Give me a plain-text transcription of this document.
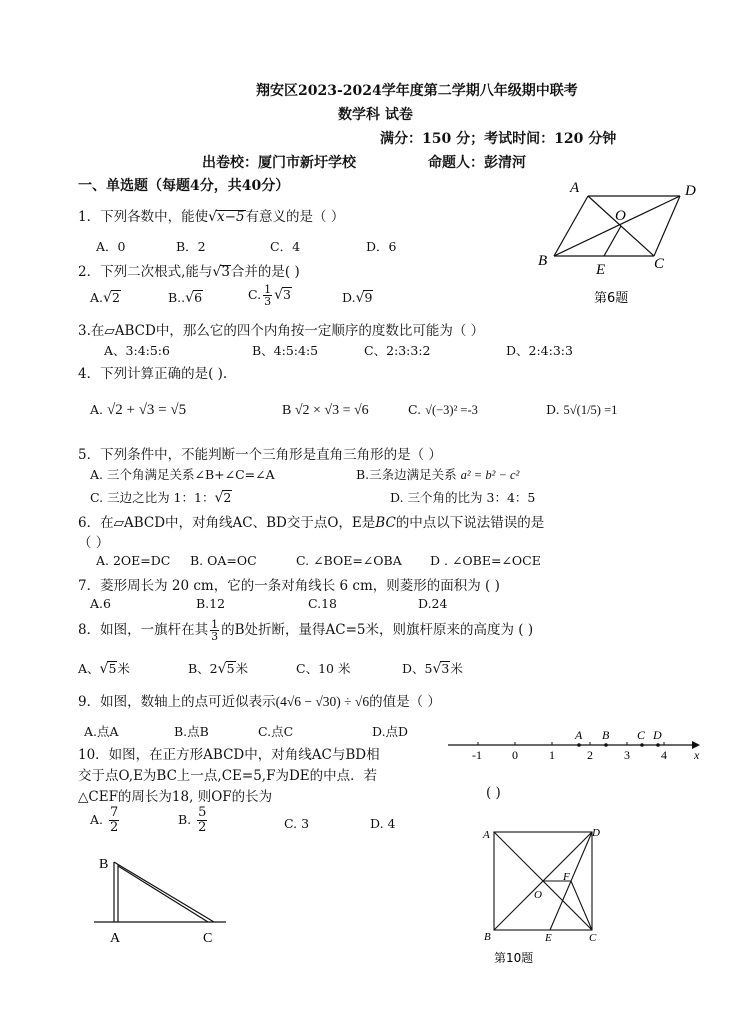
翔安区2023-2024学年度第二学期八年级期中联考
数学科 试卷
满分：150 分；考试时间：120 分钟
出卷校：厦门市新圩学校	命题人：彭清河
一、单选题（每题4分，共40分）
1．下列各数中，能使√x−5有意义的是（ ）
A．0	B．2	C．4	D．6
2．下列二次根式,能与√3合并的是( )
A.√2	B..√6	C. $\frac{1}{3} √3$	D.√9
3.在▱ABCD中，那么它的四个内角按一定顺序的度数比可能为（ ）
A、3:4:5:6	B、4:5:4:5	C、2:3:3:2	D、2:4:3:3
4．下列计算正确的是( ).
A. √2 + √3 = √5	B √2 × √3 = √6	C. √(−3)² =-3	D. 5√(1/5) =1
5．下列条件中，不能判断一个三角形是直角三角形的是（ ）
A. 三个角满足关系∠B+∠C=∠A	B.三条边满足关系 a² = b² − c²
C. 三边之比为 1：1：√2	D. 三个角的比为 3：4：5
6．在▱ABCD中，对角线AC、BD交于点O，E是BC的中点以下说法错误的是
（ ）
A. 2OE=DC B. OA=OC	C. ∠BOE=∠OBA D . ∠OBE=∠OCE
7．菱形周长为 20 cm，它的一条对角线长 6 cm，则菱形的面积为 ( )
A.6	B.12	C.18	D.24
8．如图，一旗杆在其 $\frac{1}{3}$ 的B处折断，量得AC=5米，则旗杆原来的高度为 ( )
A、√5米	B、2√5米	C、10 米	D、5√3米
9．如图，数轴上的点可近似表示(4√6 − √30) ÷ √6的值是（ ）
A.点A	B.点B	C.点C	D.点D
10．如图，在正方形ABCD中，对角线AC与BD相
交于点O,E为BC上一点,CE=5,F为DE的中点．若
△CEF的周长为18, 则OF的长为	( )
A. $\frac{7}{2}$	B. $\frac{5}{2}$	C. 3	D. 4
A	D
O
B
E	C
第6题
-1	0	1	2	3	4 x
A B C D
A	D
O
F
B	E	C
第10题
B
A	C
